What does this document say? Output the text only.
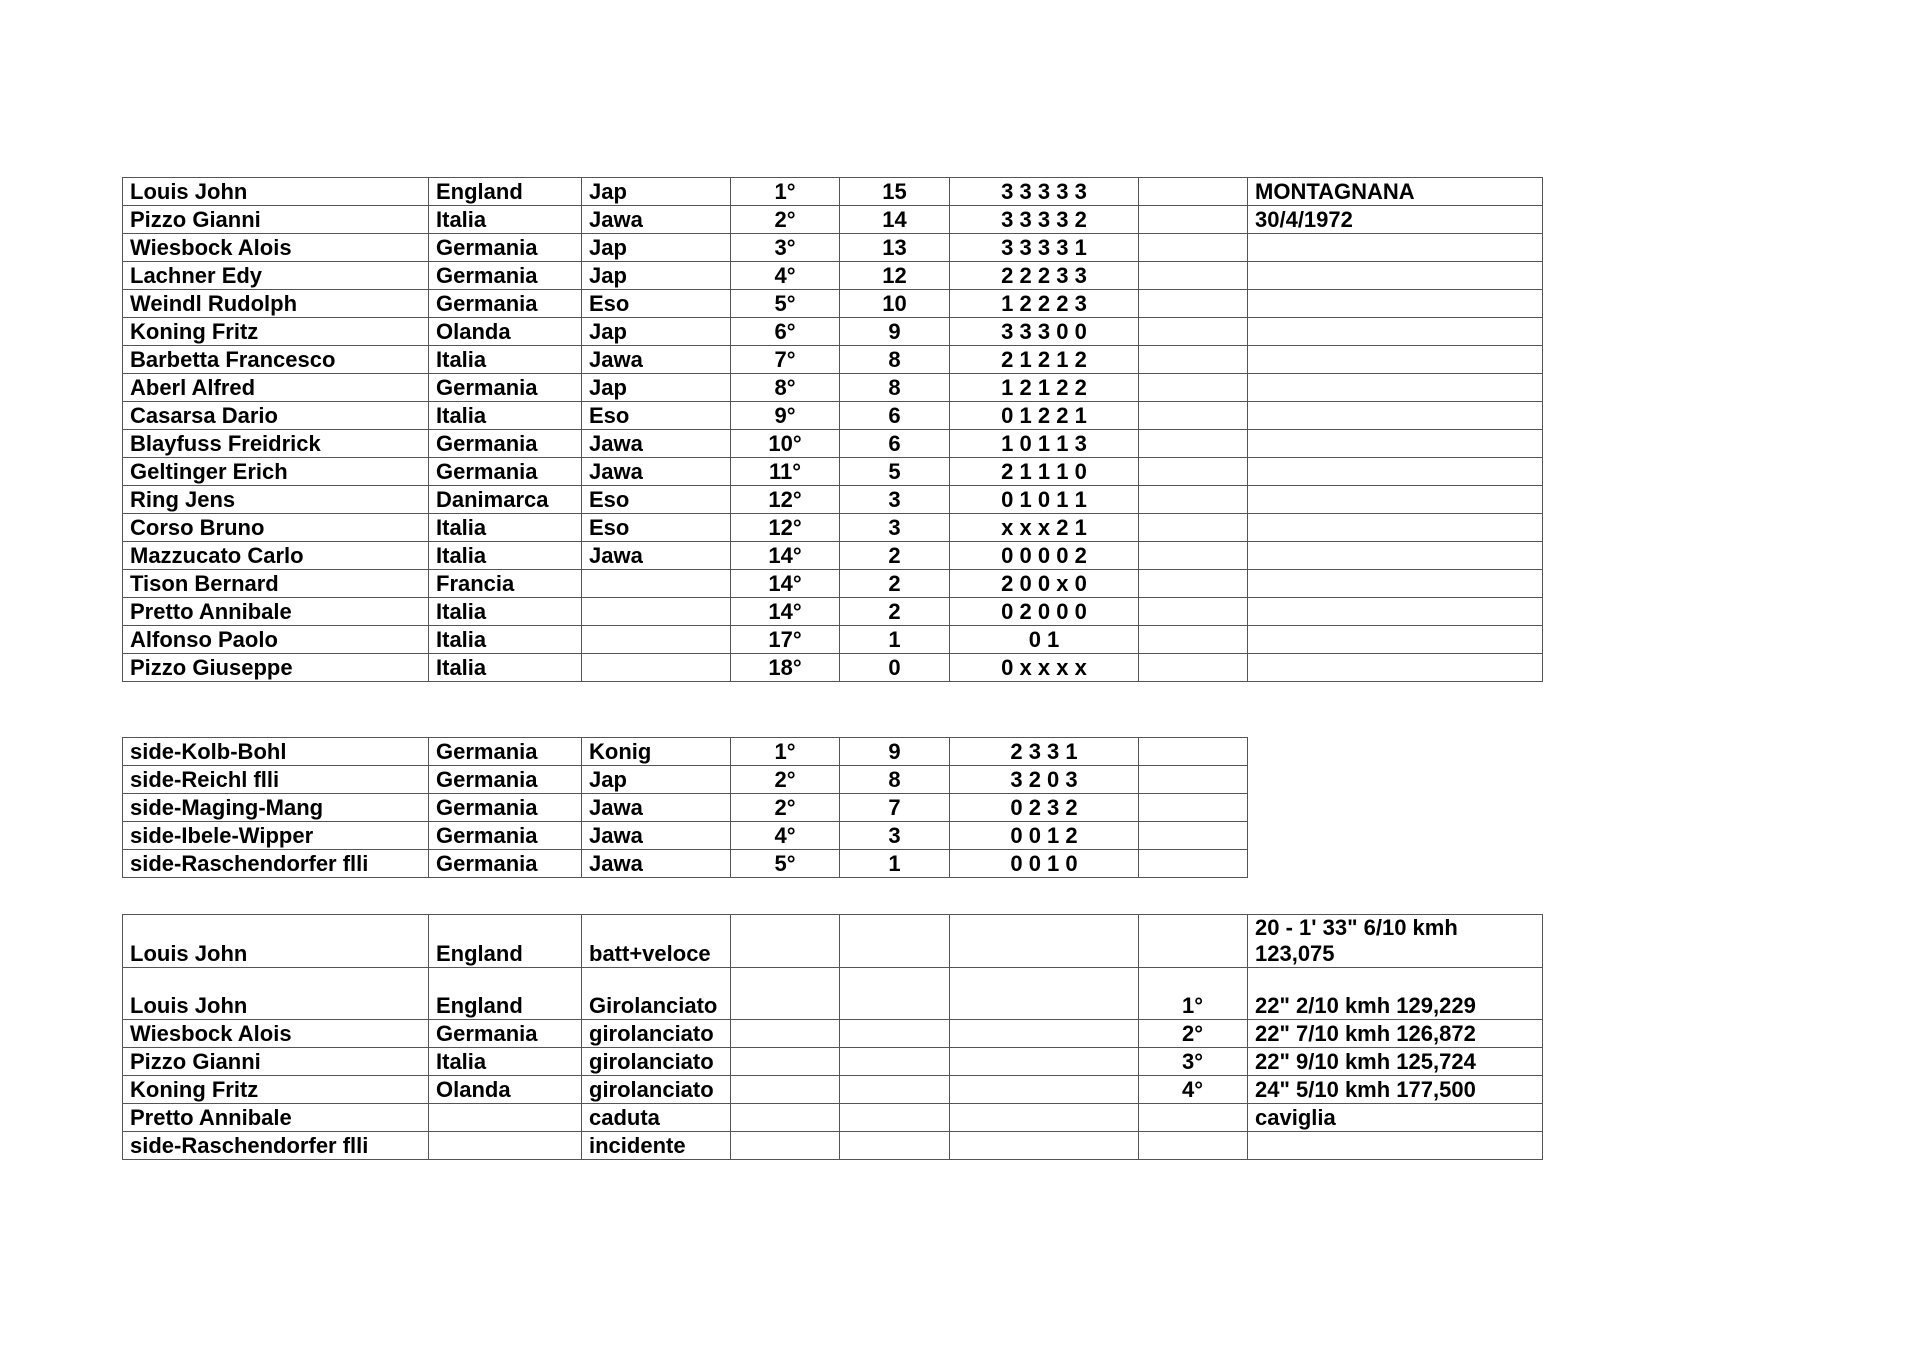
Louis John	England	Jap	1°	15	3 3 3 3 3		MONTAGNANA
Pizzo Gianni	Italia	Jawa	2°	14	3 3 3 3 2		30/4/1972
Wiesbock Alois	Germania	Jap	3°	13	3 3 3 3 1		
Lachner Edy	Germania	Jap	4°	12	2 2 2 3 3		
Weindl Rudolph	Germania	Eso	5°	10	1 2 2 2 3		
Koning Fritz	Olanda	Jap	6°	9	3 3 3 0 0		
Barbetta Francesco	Italia	Jawa	7°	8	2 1 2 1 2		
Aberl Alfred	Germania	Jap	8°	8	1 2 1 2 2		
Casarsa Dario	Italia	Eso	9°	6	0 1 2 2 1		
Blayfuss Freidrick	Germania	Jawa	10°	6	1 0 1 1 3		
Geltinger Erich	Germania	Jawa	11°	5	2 1 1 1 0		
Ring Jens	Danimarca	Eso	12°	3	0 1 0 1 1		
Corso Bruno	Italia	Eso	12°	3	x x x 2 1		
Mazzucato Carlo	Italia	Jawa	14°	2	0 0 0 0 2		
Tison Bernard	Francia		14°	2	2 0 0 x 0		
Pretto Annibale	Italia		14°	2	0 2 0 0 0		
Alfonso Paolo	Italia		17°	1	0 1		
Pizzo Giuseppe	Italia		18°	0	0 x x x x		
side-Kolb-Bohl	Germania	Konig	1°	9	2 3 3 1	
side-Reichl flli	Germania	Jap	2°	8	3 2 0 3	
side-Maging-Mang	Germania	Jawa	2°	7	0 2 3 2	
side-Ibele-Wipper	Germania	Jawa	4°	3	0 0 1 2	
side-Raschendorfer flli	Germania	Jawa	5°	1	0 0 1 0	
Louis John	England	batt+veloce					20 - 1' 33" 6/10 kmh 123,075
Louis John	England	Girolanciato				1°	22" 2/10 kmh 129,229
Wiesbock Alois	Germania	girolanciato				2°	22" 7/10 kmh 126,872
Pizzo Gianni	Italia	girolanciato				3°	22" 9/10 kmh 125,724
Koning Fritz	Olanda	girolanciato				4°	24" 5/10 kmh 177,500
Pretto Annibale		caduta					caviglia
side-Raschendorfer flli		incidente					
